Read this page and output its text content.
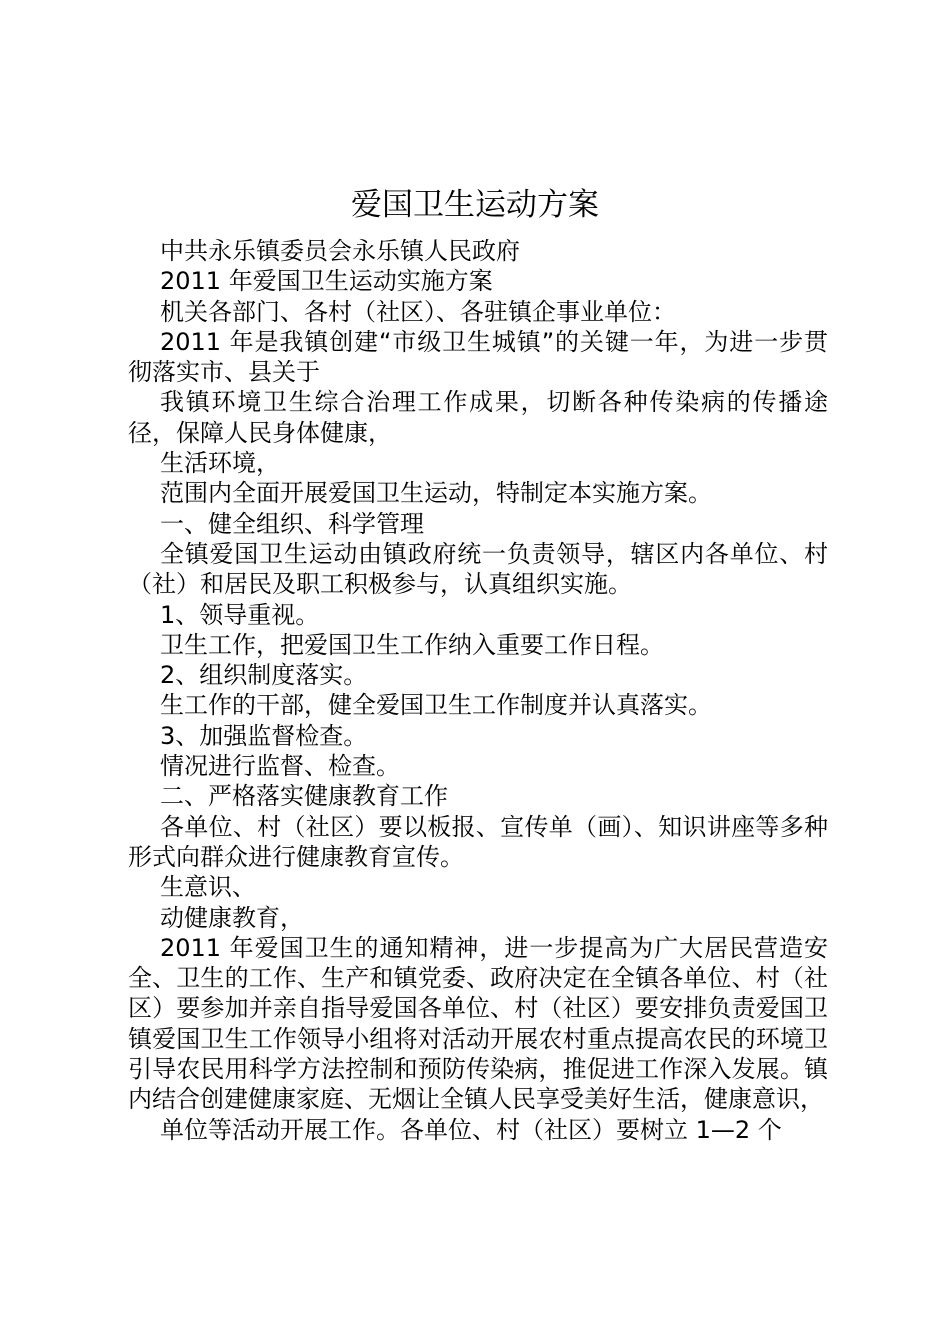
爱国卫生运动方案

中共永乐镇委员会永乐镇人民政府

2011 年爱国卫生运动实施方案

机关各部门、各村（社区）、各驻镇企事业单位：

2011 年是我镇创建“市级卫生城镇”的关键一年，为进一步贯彻落实市、县关于

我镇环境卫生综合治理工作成果，切断各种传染病的传播途径，保障人民身体健康，

生活环境，

范围内全面开展爱国卫生运动，特制定本实施方案。

一、健全组织、科学管理

全镇爱国卫生运动由镇政府统一负责领导，辖区内各单位、村（社）和居民及职工积极参与，认真组织实施。

1、领导重视。

卫生工作，把爱国卫生工作纳入重要工作日程。

2、组织制度落实。

生工作的干部，健全爱国卫生工作制度并认真落实。

3、加强监督检查。

情况进行监督、检查。

二、严格落实健康教育工作

各单位、村（社区）要以板报、宣传单（画）、知识讲座等多种形式向群众进行健康教育宣传。

生意识、

动健康教育，

2011 年爱国卫生的通知精神，进一步提高为广大居民营造安全、卫生的工作、生产和镇党委、政府决定在全镇各单位、村（社区）要参加并亲自指导爱国各单位、村（社区）要安排负责爱国卫镇爱国卫生工作领导小组将对活动开展农村重点提高农民的环境卫引导农民用科学方法控制和预防传染病，推促进工作深入发展。镇内结合创建健康家庭、无烟让全镇人民享受美好生活，健康意识，

单位等活动开展工作。各单位、村（社区）要树立 1—2 个
